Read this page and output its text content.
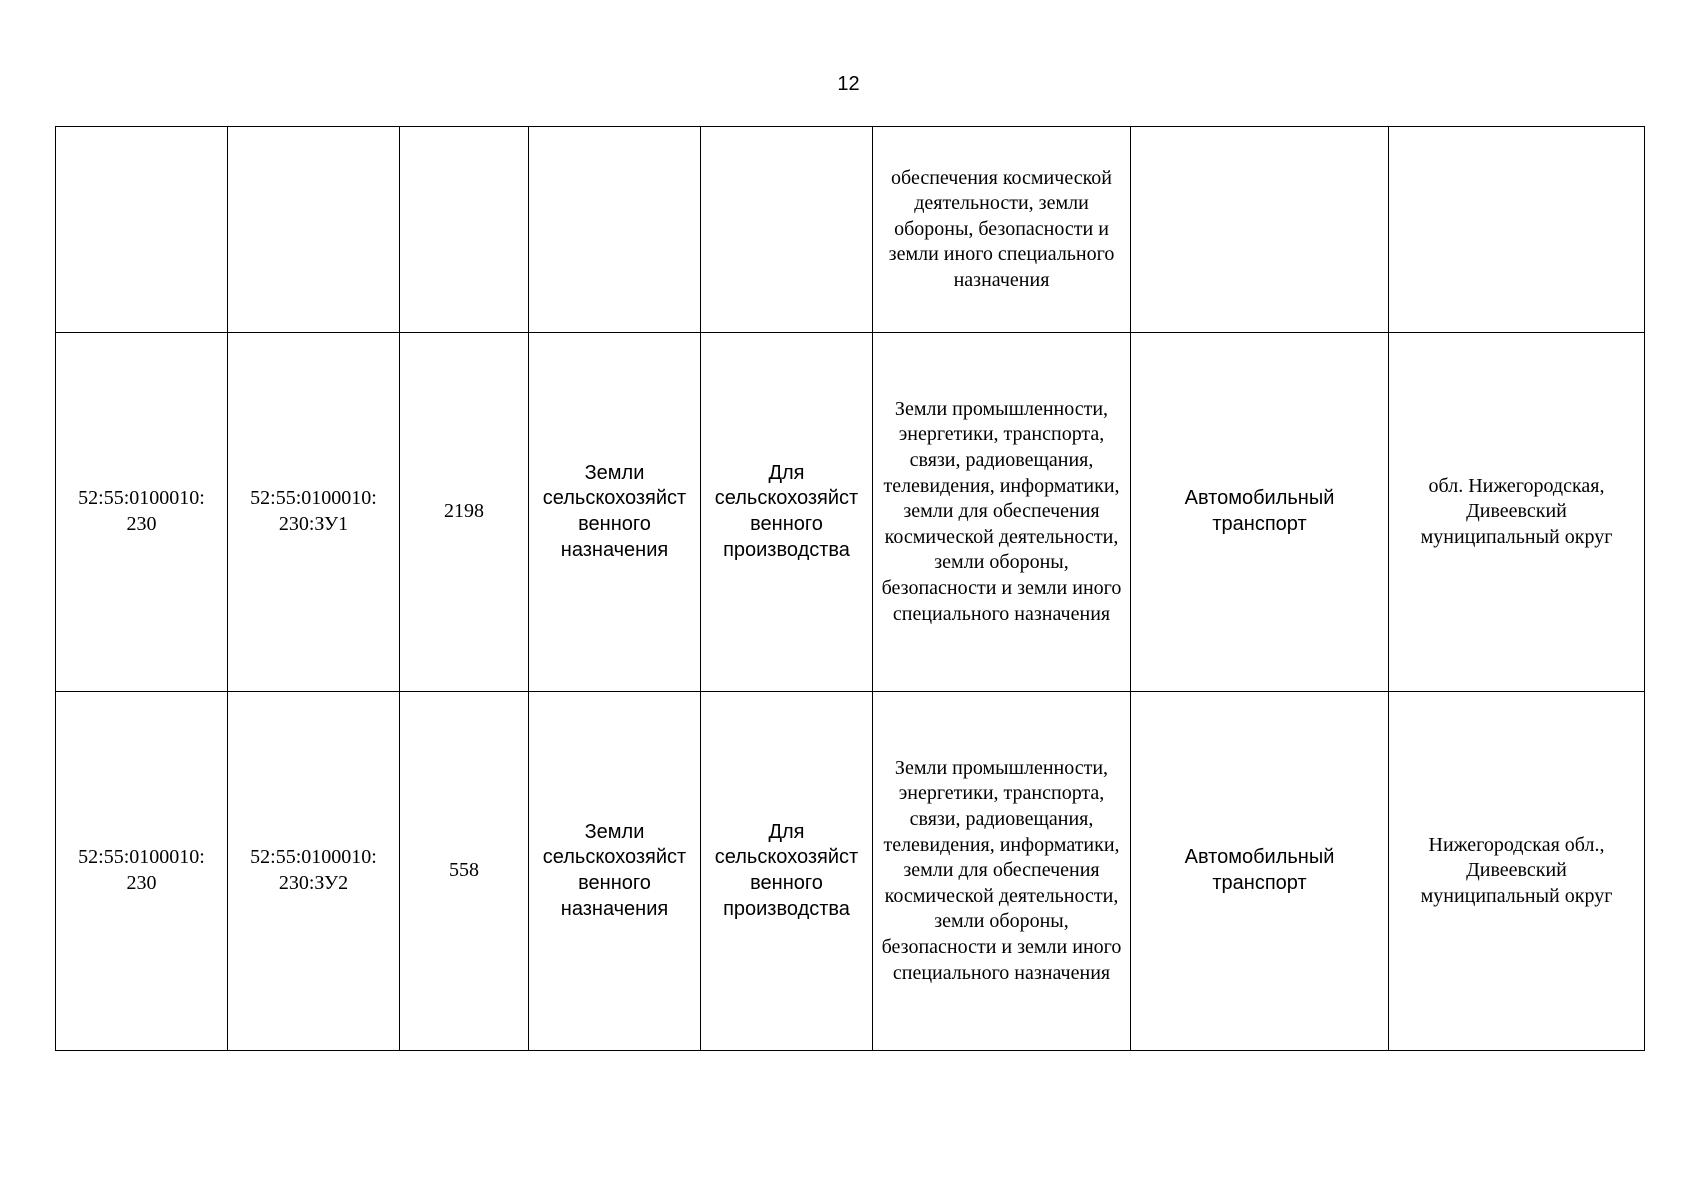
12
					обеспечения космической деятельности, земли обороны, безопасности и земли иного специального назначения		
52:55:0100010: 230	52:55:0100010: 230:ЗУ1	2198	Земли сельскохозяйст венного назначения	Для сельскохозяйст венного производства	Земли промышленности, энергетики, транспорта, связи, радиовещания, телевидения, информатики, земли для обеспечения космической деятельности, земли обороны, безопасности и земли иного специального назначения	Автомобильный транспорт	обл. Нижегородская, Дивеевский муниципальный округ
52:55:0100010: 230	52:55:0100010: 230:ЗУ2	558	Земли сельскохозяйст венного назначения	Для сельскохозяйст венного производства	Земли промышленности, энергетики, транспорта, связи, радиовещания, телевидения, информатики, земли для обеспечения космической деятельности, земли обороны, безопасности и земли иного специального назначения	Автомобильный транспорт	Нижегородская обл., Дивеевский муниципальный округ
